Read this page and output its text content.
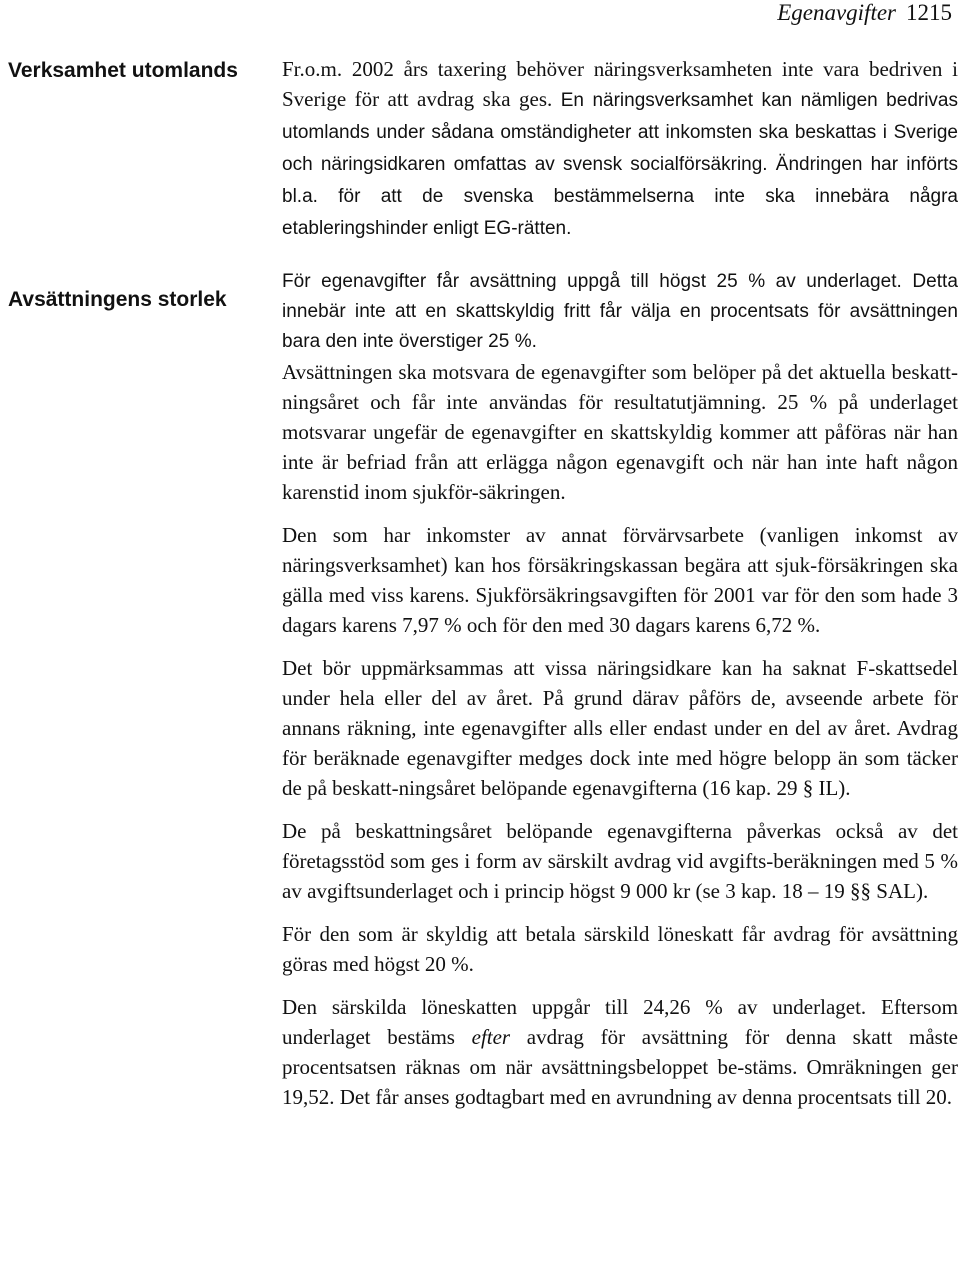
Egenavgifter 1215
Verksamhet utomlands
Avsättningens storlek

Fr.o.m. 2002 års taxering behöver näringsverksamheten inte vara bedriven i Sverige för att avdrag ska ges. En näringsverksamhet kan nämligen bedrivas utomlands under sådana omständigheter att inkomsten ska beskattas i Sverige och näringsidkaren omfattas av svensk socialförsäkring. Ändringen har införts bl.a. för att de svenska bestämmelserna inte ska innebära några etableringshinder enligt EG-rätten.

För egenavgifter får avsättning uppgå till högst 25 % av underlaget. Detta innebär inte att en skattskyldig fritt får välja en procentsats för avsättningen bara den inte överstiger 25 %.

Avsättningen ska motsvara de egenavgifter som belöper på det aktuella beskatt-ningsåret och får inte användas för resultatutjämning. 25 % på underlaget motsvarar ungefär de egenavgifter en skattskyldig kommer att påföras när han inte är befriad från att erlägga någon egenavgift och när han inte haft någon karenstid inom sjukför-säkringen.

Den som har inkomster av annat förvärvsarbete (vanligen inkomst av näringsverksamhet) kan hos försäkringskassan begära att sjuk-försäkringen ska gälla med viss karens. Sjukförsäkringsavgiften för 2001 var för den som hade 3 dagars karens 7,97 % och för den med 30 dagars karens 6,72 %.

Det bör uppmärksammas att vissa näringsidkare kan ha saknat F-skattsedel under hela eller del av året. På grund därav påförs de, avseende arbete för annans räkning, inte egenavgifter alls eller endast under en del av året. Avdrag för beräknade egenavgifter medges dock inte med högre belopp än som täcker de på beskatt-ningsåret belöpande egenavgifterna (16 kap. 29 § IL).

De på beskattningsåret belöpande egenavgifterna påverkas också av det företagsstöd som ges i form av särskilt avdrag vid avgifts-beräkningen med 5 % av avgiftsunderlaget och i princip högst 9 000 kr (se 3 kap. 18 – 19 §§ SAL).

För den som är skyldig att betala särskild löneskatt får avdrag för avsättning göras med högst 20 %.

Den särskilda löneskatten uppgår till 24,26 % av underlaget. Eftersom underlaget bestäms efter avdrag för avsättning för denna skatt måste procentsatsen räknas om när avsättningsbeloppet be-stäms. Omräkningen ger 19,52. Det får anses godtagbart med en avrundning av denna procentsats till 20.
